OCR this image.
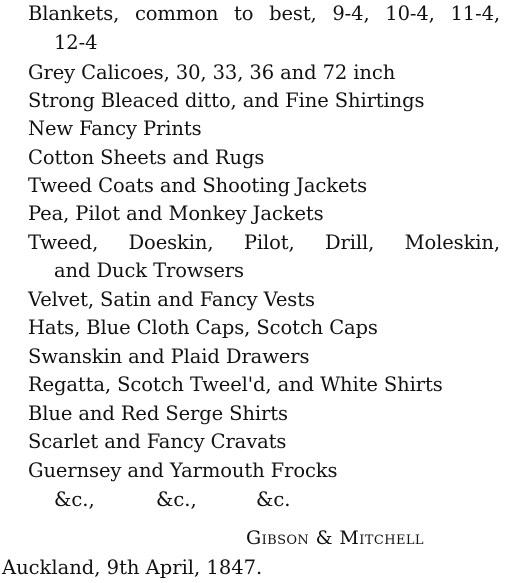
Blankets, common to best, 9-4, 10-4, 11-4,
12-4
Grey Calicoes, 30, 33, 36 and 72 inch
Strong Bleaced ditto, and Fine Shirtings
New Fancy Prints
Cotton Sheets and Rugs
Tweed Coats and Shooting Jackets
Pea, Pilot and Monkey Jackets
Tweed, Doeskin, Pilot, Drill, Moleskin,
and Duck Trowsers
Velvet, Satin and Fancy Vests
Hats, Blue Cloth Caps, Scotch Caps
Swanskin and Plaid Drawers
Regatta, Scotch Tweel'd, and White Shirts
Blue and Red Serge Shirts
Scarlet and Fancy Cravats
Guernsey and Yarmouth Frocks
&c.,	&c.,	&c.
Gibson & Mitchell
Auckland, 9th April, 1847.
